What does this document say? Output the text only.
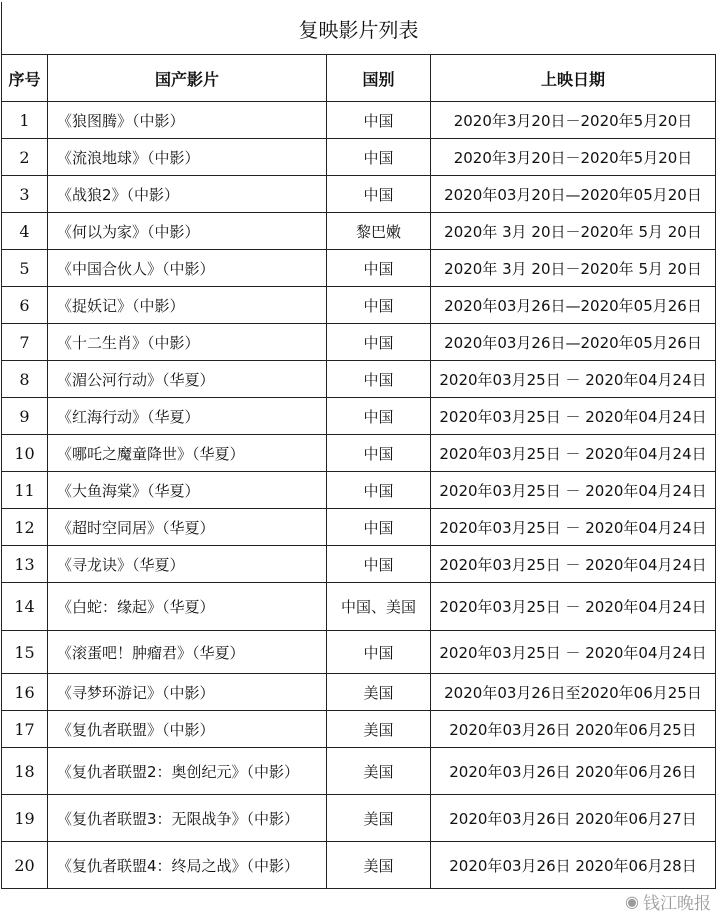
复映影片列表			
序号	国产影片	国别	上映日期
1	《狼图腾》（中影）	中国	2020年3月20日－2020年5月20日
2	《流浪地球》（中影）	中国	2020年3月20日－2020年5月20日
3	《战狼2》（中影）	中国	2020年03月20日—2020年05月20日
4	《何以为家》（中影）	黎巴嫩	2020年 3月 20日－2020年 5月 20日
5	《中国合伙人》（中影）	中国	2020年 3月 20日－2020年 5月 20日
6	《捉妖记》（中影）	中国	2020年03月26日—2020年05月26日
7	《十二生肖》（中影）	中国	2020年03月26日—2020年05月26日
8	《湄公河行动》（华夏）	中国	2020年03月25日 － 2020年04月24日
9	《红海行动》（华夏）	中国	2020年03月25日 － 2020年04月24日
10	《哪吒之魔童降世》（华夏）	中国	2020年03月25日 － 2020年04月24日
11	《大鱼海棠》（华夏）	中国	2020年03月25日 － 2020年04月24日
12	《超时空同居》（华夏）	中国	2020年03月25日 － 2020年04月24日
13	《寻龙诀》（华夏）	中国	2020年03月25日 － 2020年04月24日
14	《白蛇：缘起》（华夏）	中国、美国	2020年03月25日 － 2020年04月24日
15	《滚蛋吧！肿瘤君》（华夏）	中国	2020年03月25日 － 2020年04月24日
16	《寻梦环游记》（中影）	美国	2020年03月26日至2020年06月25日
17	《复仇者联盟》（中影）	美国	2020年03月26日 2020年06月25日
18	《复仇者联盟2：奥创纪元》（中影）	美国	2020年03月26日 2020年06月26日
19	《复仇者联盟3：无限战争》（中影）	美国	2020年03月26日 2020年06月27日
20	《复仇者联盟4：终局之战》（中影）	美国	2020年03月26日 2020年06月28日
◉ 钱江晚报
